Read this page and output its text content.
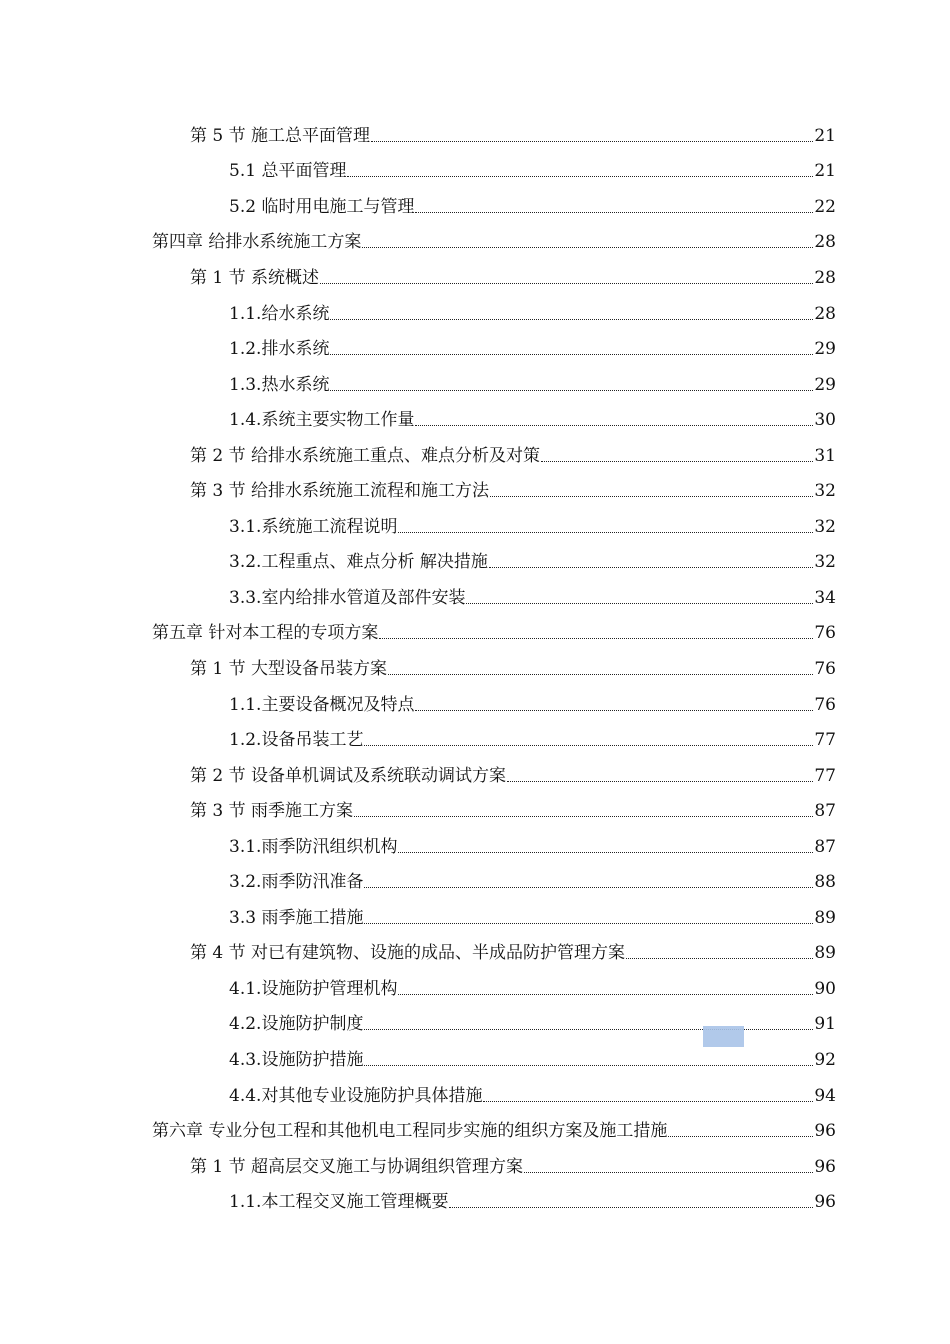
第 5 节 施工总平面管理	21
5.1 总平面管理	21
5.2 临时用电施工与管理	22
第四章 给排水系统施工方案	28
第 1 节 系统概述	28
1.1.给水系统	28
1.2.排水系统	29
1.3.热水系统	29
1.4.系统主要实物工作量	30
第 2 节 给排水系统施工重点、难点分析及对策	31
第 3 节 给排水系统施工流程和施工方法	32
3.1.系统施工流程说明	32
3.2.工程重点、难点分析 解决措施	32
3.3.室内给排水管道及部件安装	34
第五章 针对本工程的专项方案	76
第 1 节 大型设备吊装方案	76
1.1.主要设备概况及特点	76
1.2.设备吊装工艺	77
第 2 节 设备单机调试及系统联动调试方案	77
第 3 节 雨季施工方案	87
3.1.雨季防汛组织机构	87
3.2.雨季防汛准备	88
3.3 雨季施工措施	89
第 4 节 对已有建筑物、设施的成品、半成品防护管理方案	89
4.1.设施防护管理机构	90
4.2.设施防护制度	91
4.3.设施防护措施	92
4.4.对其他专业设施防护具体措施	94
第六章 专业分包工程和其他机电工程同步实施的组织方案及施工措施	96
第 1 节 超高层交叉施工与协调组织管理方案	96
1.1.本工程交叉施工管理概要	96
